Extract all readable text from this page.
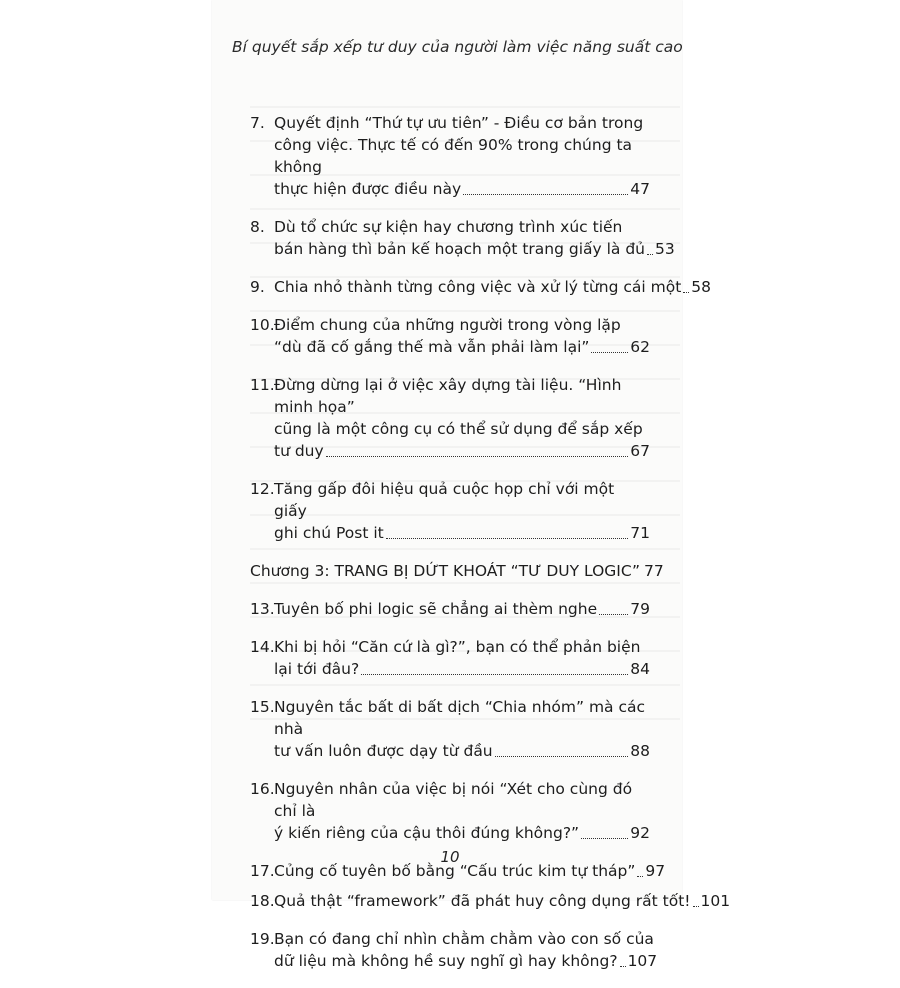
Bí quyết sắp xếp tư duy của người làm việc năng suất cao
7. Quyết định “Thứ tự ưu tiên” - Điều cơ bản trong
công việc. Thực tế có đến 90% trong chúng ta không
thực hiện được điều này	47
8. Dù tổ chức sự kiện hay chương trình xúc tiến
bán hàng thì bản kế hoạch một trang giấy là đủ 53
9. Chia nhỏ thành từng công việc và xử lý từng cái một 58
10. Điểm chung của những người trong vòng lặp
“dù đã cố gắng thế mà vẫn phải làm lại”	62
11. Đừng dừng lại ở việc xây dựng tài liệu. “Hình minh họa”
cũng là một công cụ có thể sử dụng để sắp xếp
tư duy	67
12. Tăng gấp đôi hiệu quả cuộc họp chỉ với một giấy
ghi chú Post it	71
Chương 3: TRANG BỊ DỨT KHOÁT “TƯ DUY LOGIC” 77
13. Tuyên bố phi logic sẽ chẳng ai thèm nghe 79
14. Khi bị hỏi “Căn cứ là gì?”, bạn có thể phản biện
lại tới đâu?	84
15. Nguyên tắc bất di bất dịch “Chia nhóm” mà các nhà
tư vấn luôn được dạy từ đầu	88
16. Nguyên nhân của việc bị nói “Xét cho cùng đó chỉ là
ý kiến riêng của cậu thôi đúng không?”	92
17. Củng cố tuyên bố bằng “Cấu trúc kim tự tháp” 97
18. Quả thật “framework” đã phát huy công dụng rất tốt! 101
19. Bạn có đang chỉ nhìn chằm chằm vào con số của
dữ liệu mà không hề suy nghĩ gì hay không? 107
10
